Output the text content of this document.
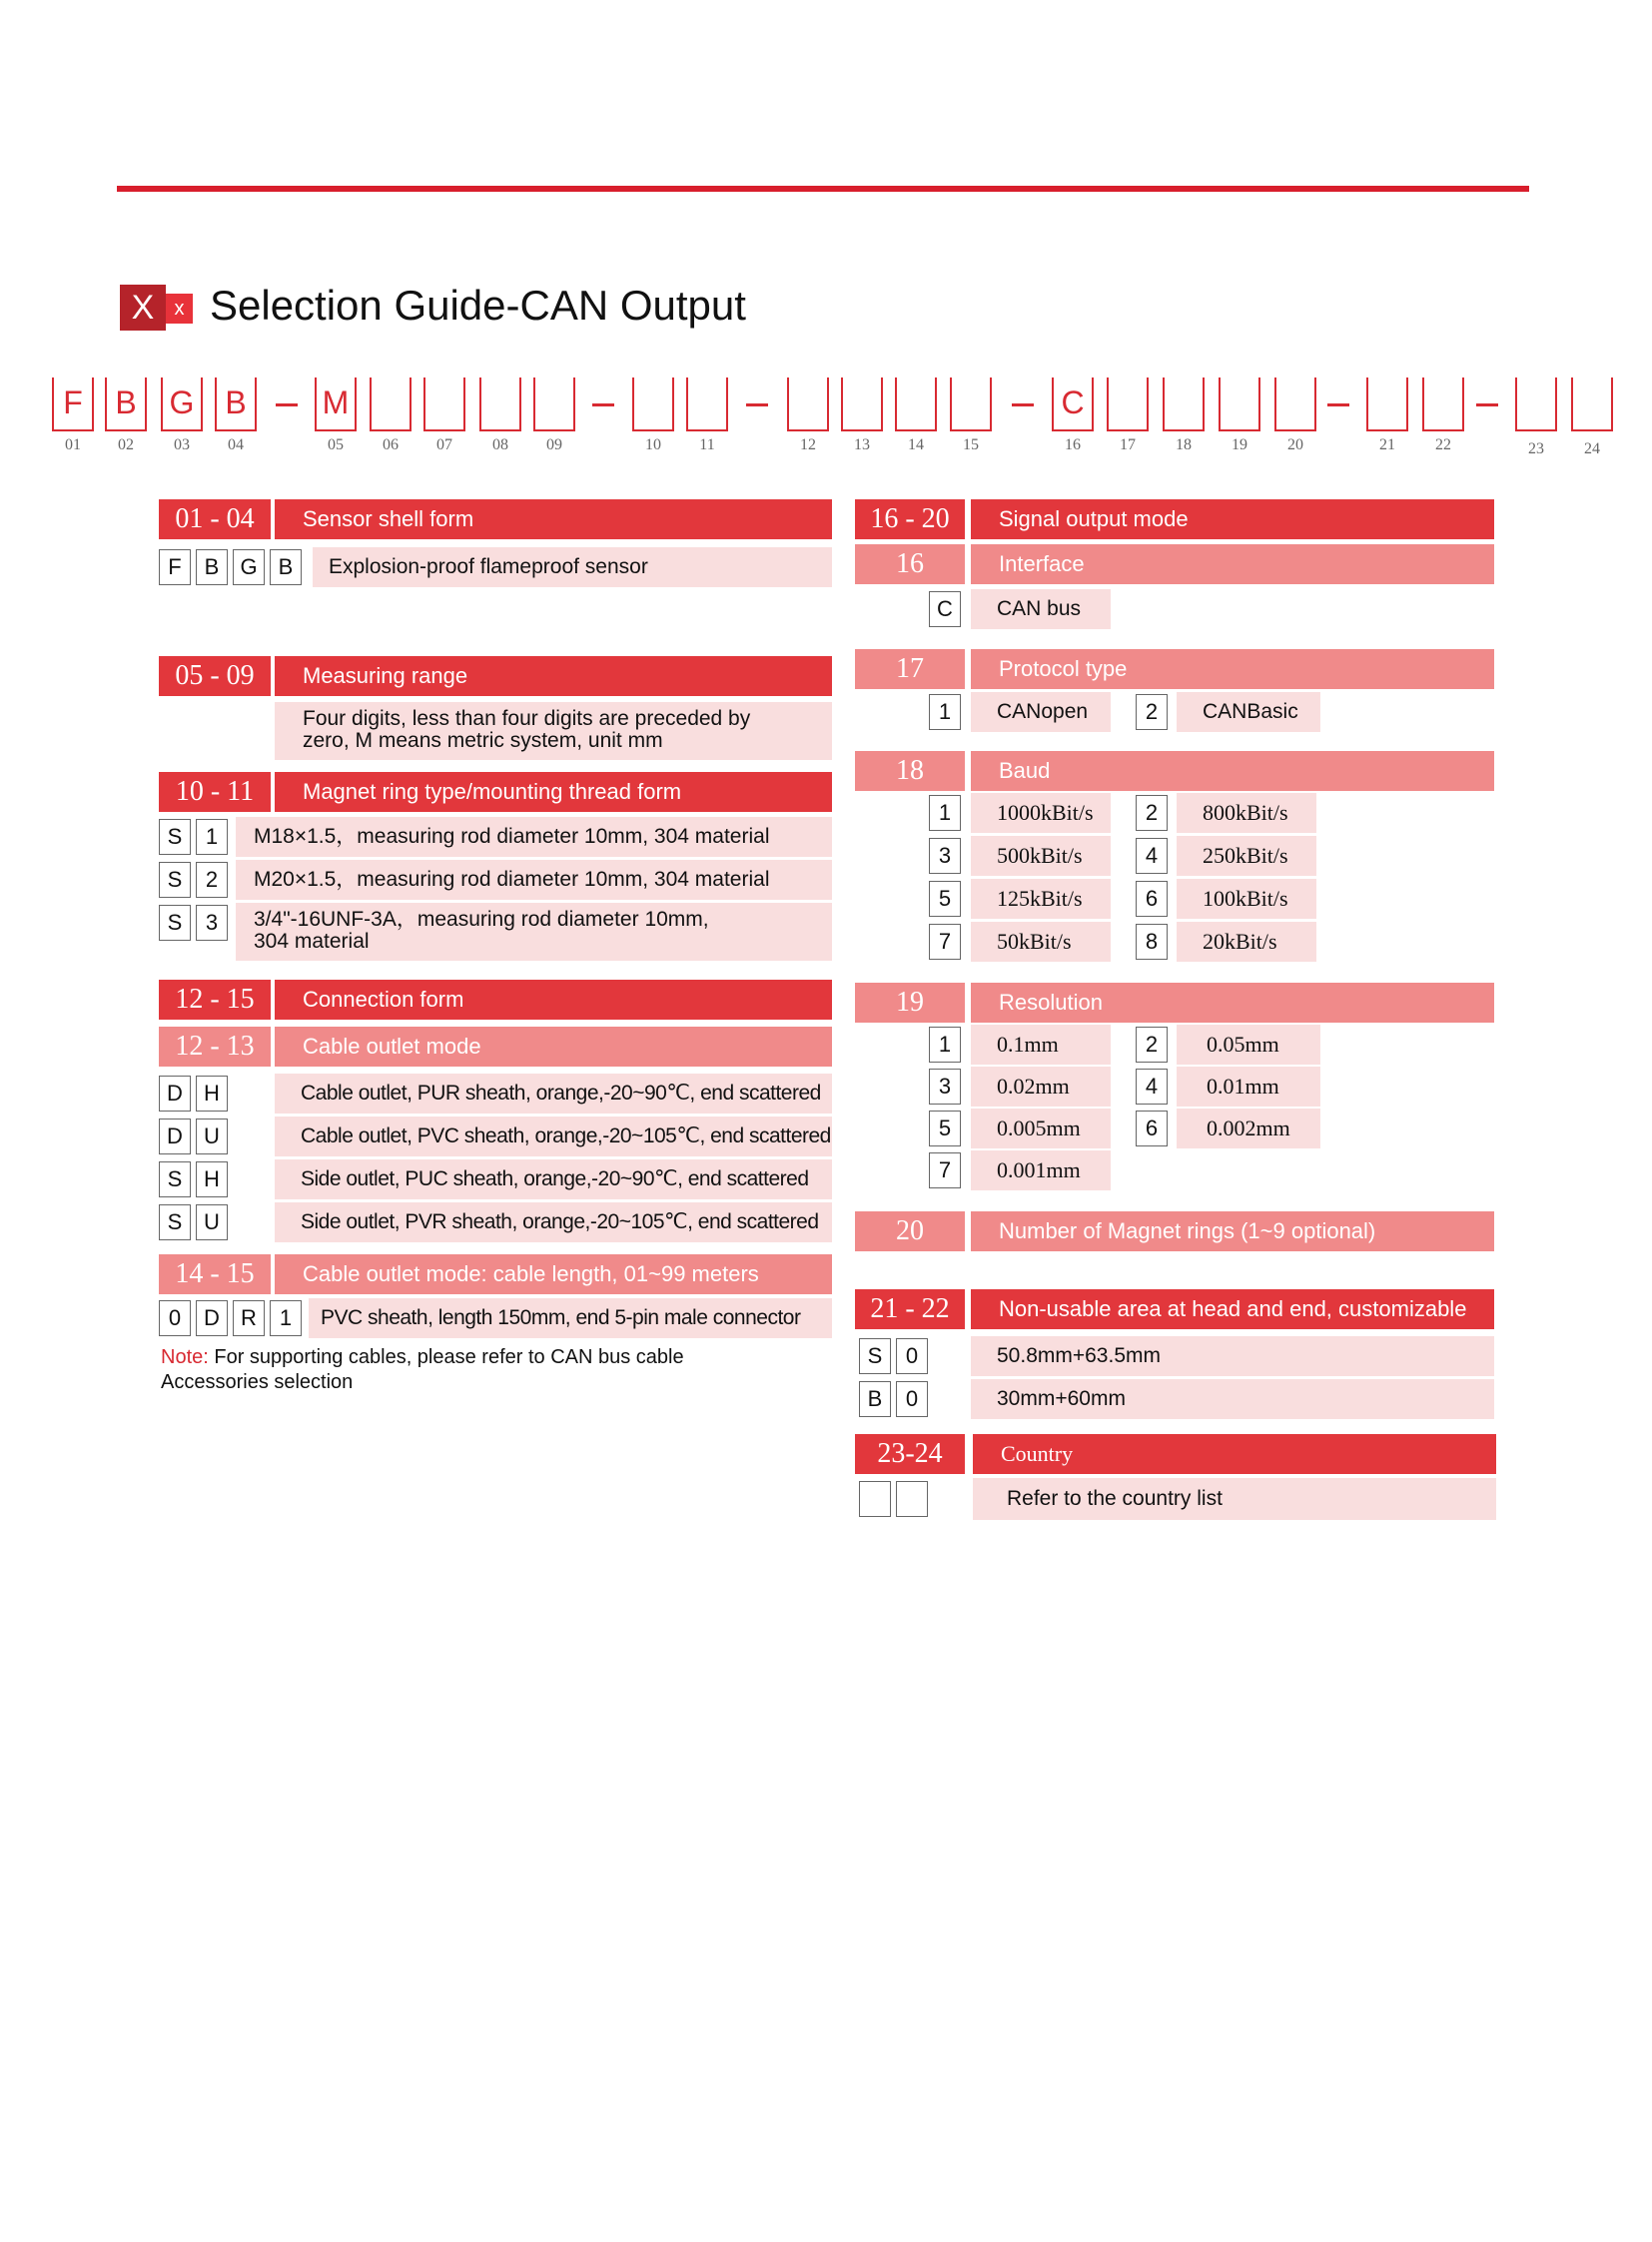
X	x Selection Guide-CAN Output
F
01
B
02
G
03
B
04
M
05	06	07	08	09	10	11	12	13	14	15
C
16	17	18	19	20	21	22	23	24
01 - 04	Sensor shell form
F	B G B	Explosion-proof flameproof sensor
05 - 09	Measuring range
Four digits, less than four digits are preceded by
zero, M means metric system, unit mm
10 - 11	Magnet ring type/mounting thread form
S	1	M18×1.5，measuring rod diameter 10mm, 304 material
S	2	M20×1.5，measuring rod diameter 10mm, 304 material
S	3	3/4"-16UNF-3A，measuring rod diameter 10mm,
304 material
12 - 15	Connection form
12 - 13	Cable outlet mode
D H	Cable outlet, PUR sheath, orange,-20~90℃, end scattered
D U	Cable outlet, PVC sheath, orange,-20~105℃, end scattered
S H	Side outlet, PUC sheath, orange,-20~90℃, end scattered
S U	Side outlet, PVR sheath, orange,-20~105℃, end scattered
14 - 15	Cable outlet mode: cable length, 01~99 meters
0	D R	1	PVC sheath, length 150mm, end 5-pin male connector
Note: For supporting cables, please refer to CAN bus cable
Accessories selection
16 - 20	Signal output mode
16	Interface
C	CAN bus
17	Protocol type
1	CANopen	2	CANBasic
18	Baud
1	1000kBit/s	2	800kBit/s
3	500kBit/s	4	250kBit/s
5	125kBit/s	6	100kBit/s
7	50kBit/s	8	20kBit/s
19	Resolution
1	0.1mm	2	0.05mm
3	0.02mm	4	0.01mm
5	0.005mm	6	0.002mm
7	0.001mm
20	Number of Magnet rings (1~9 optional)
21 - 22	Non-usable area at head and end, customizable
S	0	50.8mm+63.5mm
B	0	30mm+60mm
23-24	Country
Refer to the country list
